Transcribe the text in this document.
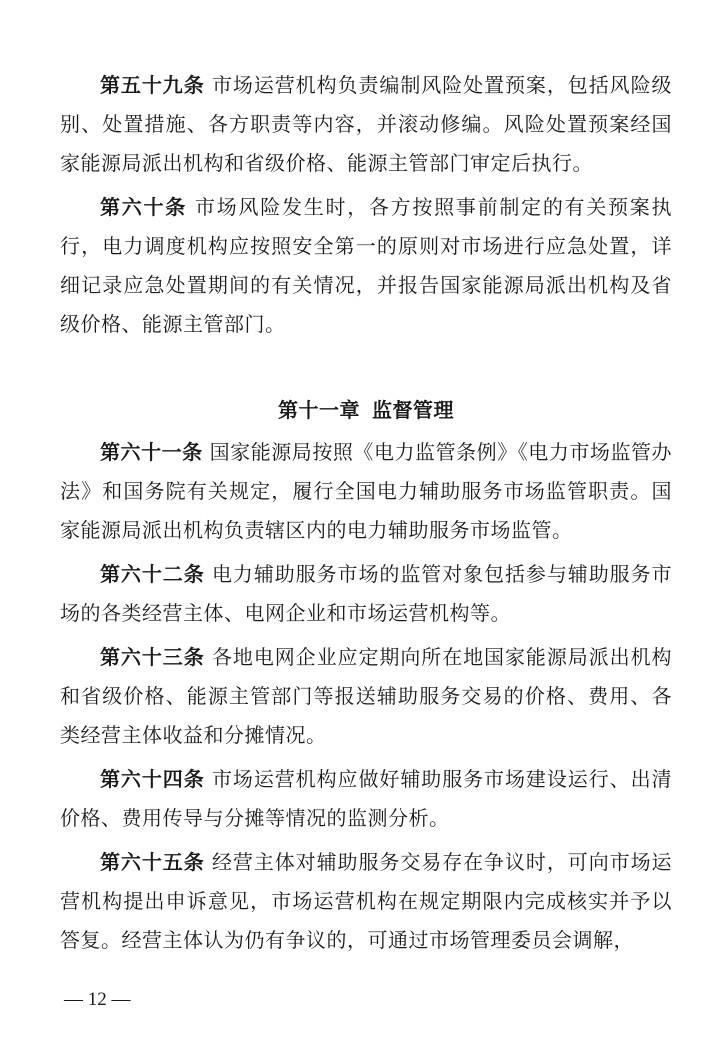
第五十九条 市场运营机构负责编制风险处置预案，包括风险级别、处置措施、各方职责等内容，并滚动修编。风险处置预案经国家能源局派出机构和省级价格、能源主管部门审定后执行。

第六十条 市场风险发生时，各方按照事前制定的有关预案执行，电力调度机构应按照安全第一的原则对市场进行应急处置，详细记录应急处置期间的有关情况，并报告国家能源局派出机构及省级价格、能源主管部门。

第十一章 监督管理

第六十一条 国家能源局按照《电力监管条例》《电力市场监管办法》和国务院有关规定，履行全国电力辅助服务市场监管职责。国家能源局派出机构负责辖区内的电力辅助服务市场监管。

第六十二条 电力辅助服务市场的监管对象包括参与辅助服务市场的各类经营主体、电网企业和市场运营机构等。

第六十三条 各地电网企业应定期向所在地国家能源局派出机构和省级价格、能源主管部门等报送辅助服务交易的价格、费用、各类经营主体收益和分摊情况。

第六十四条 市场运营机构应做好辅助服务市场建设运行、出清价格、费用传导与分摊等情况的监测分析。

第六十五条 经营主体对辅助服务交易存在争议时，可向市场运营机构提出申诉意见，市场运营机构在规定期限内完成核实并予以答复。经营主体认为仍有争议的，可通过市场管理委员会调解，

— 12 —
